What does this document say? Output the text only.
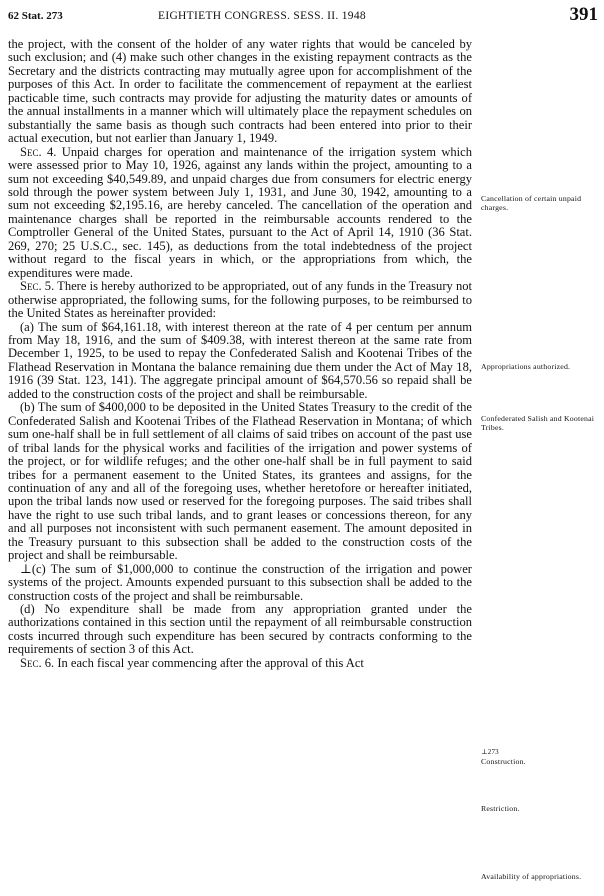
62 Stat. 273	EIGHTIETH CONGRESS. SESS. II. 1948	391

the project, with the consent of the holder of any water rights that would be canceled by such exclusion; and (4) make such other changes in the existing repayment contracts as the Secretary and the districts contracting may mutually agree upon for accomplishment of the purposes of this Act. In order to facilitate the commencement of repayment at the earliest pacticable time, such contracts may provide for adjusting the maturity dates or amounts of the annual installments in a manner which will ultimately place the repayment schedules on substantially the same basis as though such contracts had been entered into prior to their actual execution, but not earlier than January 1, 1949.

Sec. 4. Unpaid charges for operation and maintenance of the irrigation system which were assessed prior to May 10, 1926, against any lands within the project, amounting to a sum not exceeding $40,549.89, and unpaid charges due from consumers for electric energy sold through the power system between July 1, 1931, and June 30, 1942, amounting to a sum not exceeding $2,195.16, are hereby canceled. The cancellation of the operation and maintenance charges shall be reported in the reimbursable accounts rendered to the Comptroller General of the United States, pursuant to the Act of April 14, 1910 (36 Stat. 269, 270; 25 U.S.C., sec. 145), as deductions from the total indebtedness of the project without regard to the fiscal years in which, or the appropriations from which, the expenditures were made.

Sec. 5. There is hereby authorized to be appropriated, out of any funds in the Treasury not otherwise appropriated, the following sums, for the following purposes, to be reimbursed to the United States as hereinafter provided:

(a) The sum of $64,161.18, with interest thereon at the rate of 4 per centum per annum from May 18, 1916, and the sum of $409.38, with interest thereon at the same rate from December 1, 1925, to be used to repay the Confederated Salish and Kootenai Tribes of the Flathead Reservation in Montana the balance remaining due them under the Act of May 18, 1916 (39 Stat. 123, 141). The aggregate principal amount of $64,570.56 so repaid shall be added to the construction costs of the project and shall be reimbursable.

(b) The sum of $400,000 to be deposited in the United States Treasury to the credit of the Confederated Salish and Kootenai Tribes of the Flathead Reservation in Montana; of which sum one-half shall be in full settlement of all claims of said tribes on account of the past use of tribal lands for the physical works and facilities of the irrigation and power systems of the project, or for wildlife refuges; and the other one-half shall be in full payment to said tribes for a permanent easement to the United States, its grantees and assigns, for the continuation of any and all of the foregoing uses, whether heretofore or hereafter initiated, upon the tribal lands now used or reserved for the foregoing purposes. The said tribes shall have the right to use such tribal lands, and to grant leases or concessions thereon, for any and all purposes not inconsistent with such permanent easement. The amount deposited in the Treasury pursuant to this subsection shall be added to the construction costs of the project and shall be reimbursable.

⊥(c) The sum of $1,000,000 to continue the construction of the irrigation and power systems of the project. Amounts expended pursuant to this subsection shall be added to the construction costs of the project and shall be reimbursable.

(d) No expenditure shall be made from any appropriation granted under the authorizations contained in this section until the repayment of all reimbursable construction costs incurred through such expenditure has been secured by contracts conforming to the requirements of section 3 of this Act.

Sec. 6. In each fiscal year commencing after the approval of this Act

Cancellation of certain unpaid charges.
Appropriations authorized.
Confederated Salish and Kootenai Tribes.
⊥273
Construction.
Restriction.
Availability of appropriations.
